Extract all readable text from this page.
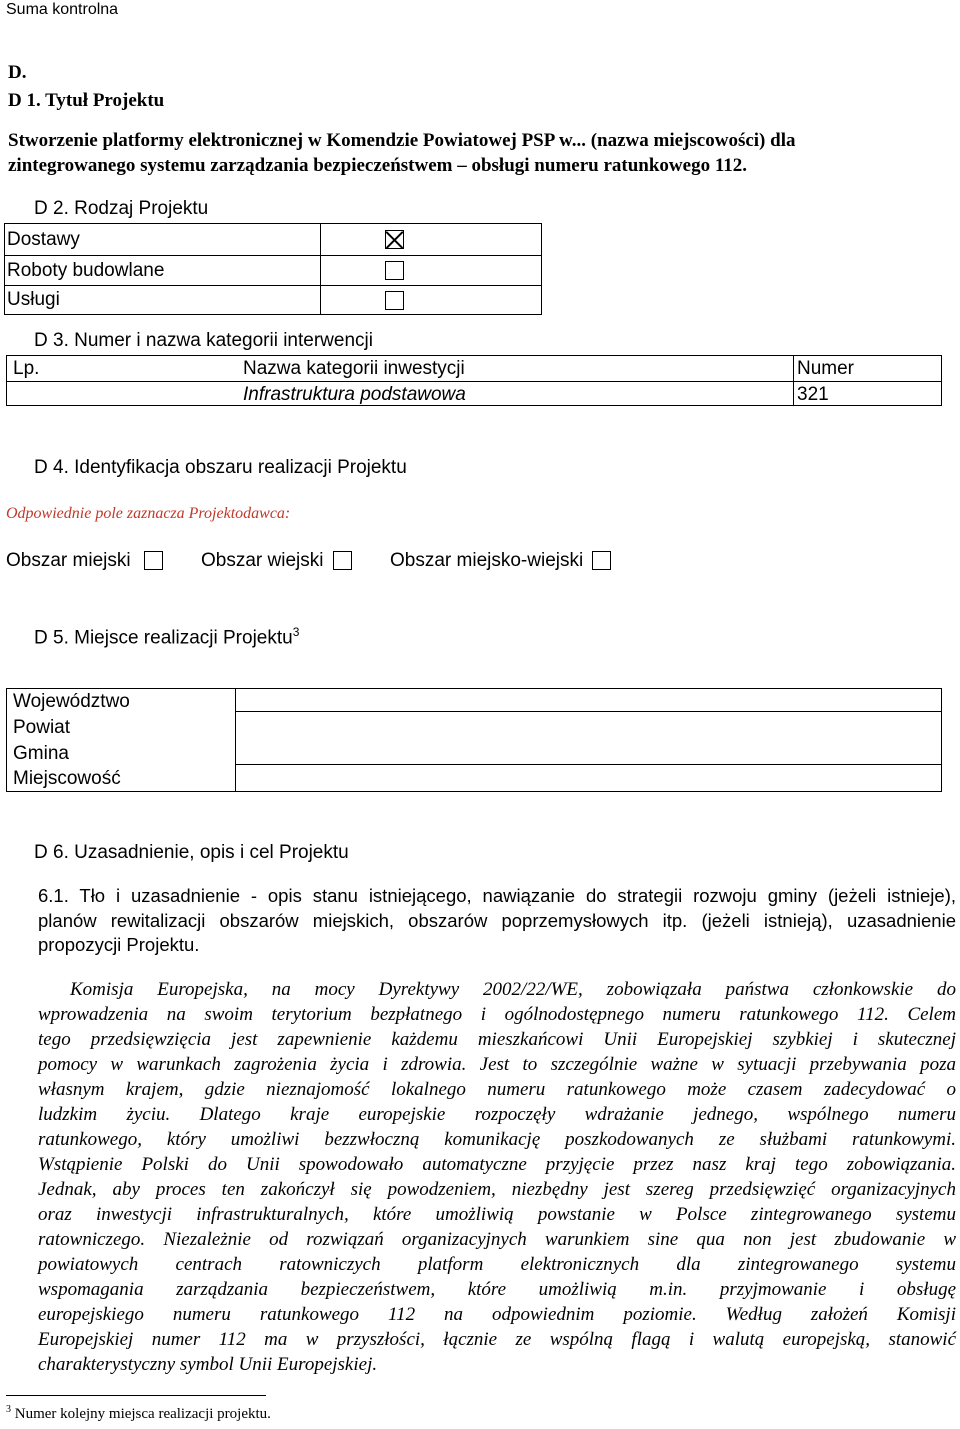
Suma kontrolna
D.
D 1. Tytuł Projektu
Stworzenie platformy elektronicznej w Komendzie Powiatowej PSP w... (nazwa miejscowości) dla
zintegrowanego systemu zarządzania bezpieczeństwem – obsługi numeru ratunkowego 112.
D 2. Rodzaj Projektu
Dostawy	
Roboty budowlane	
Usługi	
D 3. Numer i nazwa kategorii interwencji
Lp.	Nazwa kategorii inwestycji	Numer
Infrastruktura podstawowa	321
D 4. Identyfikacja obszaru realizacji Projektu
Odpowiednie pole zaznacza Projektodawca:
Obszar miejski	Obszar wiejski	Obszar miejsko-wiejski
D 5. Miejsce realizacji Projektu$^3$
Województwo
Powiat
Gmina
Miejscowość
D 6. Uzasadnienie, opis i cel Projektu
6.1. Tło i uzasadnienie - opis stanu istniejącego, nawiązanie do strategii rozwoju gminy (jeżeli istnieje),
planów rewitalizacji obszarów miejskich, obszarów poprzemysłowych itp. (jeżeli istnieją), uzasadnienie
propozycji Projektu.
Komisja Europejska, na mocy Dyrektywy 2002/22/WE, zobowiązała państwa członkowskie do
wprowadzenia na swoim terytorium bezpłatnego i ogólnodostępnego numeru ratunkowego 112. Celem
tego przedsięwzięcia jest zapewnienie każdemu mieszkańcowi Unii Europejskiej szybkiej i skutecznej
pomocy w warunkach zagrożenia życia i zdrowia. Jest to szczególnie ważne w sytuacji przebywania poza
własnym krajem, gdzie nieznajomość lokalnego numeru ratunkowego może czasem zadecydować o
ludzkim życiu. Dlatego kraje europejskie rozpoczęły wdrażanie jednego, wspólnego numeru
ratunkowego, który umożliwi bezzwłoczną komunikację poszkodowanych ze służbami ratunkowymi.
Wstąpienie Polski do Unii spowodowało automatyczne przyjęcie przez nasz kraj tego zobowiązania.
Jednak, aby proces ten zakończył się powodzeniem, niezbędny jest szereg przedsięwzięć organizacyjnych
oraz inwestycji infrastrukturalnych, które umożliwią powstanie w Polsce zintegrowanego systemu
ratowniczego. Niezależnie od rozwiązań organizacyjnych warunkiem sine qua non jest zbudowanie w
powiatowych centrach ratowniczych platform elektronicznych dla zintegrowanego systemu
wspomagania zarządzania bezpieczeństwem, które umożliwią m.in. przyjmowanie i obsługę
europejskiego numeru ratunkowego 112 na odpowiednim poziomie. Według założeń Komisji
Europejskiej numer 112 ma w przyszłości, łącznie ze wspólną flagą i walutą europejską, stanowić
charakterystyczny symbol Unii Europejskiej.
$^3$ Numer kolejny miejsca realizacji projektu.
